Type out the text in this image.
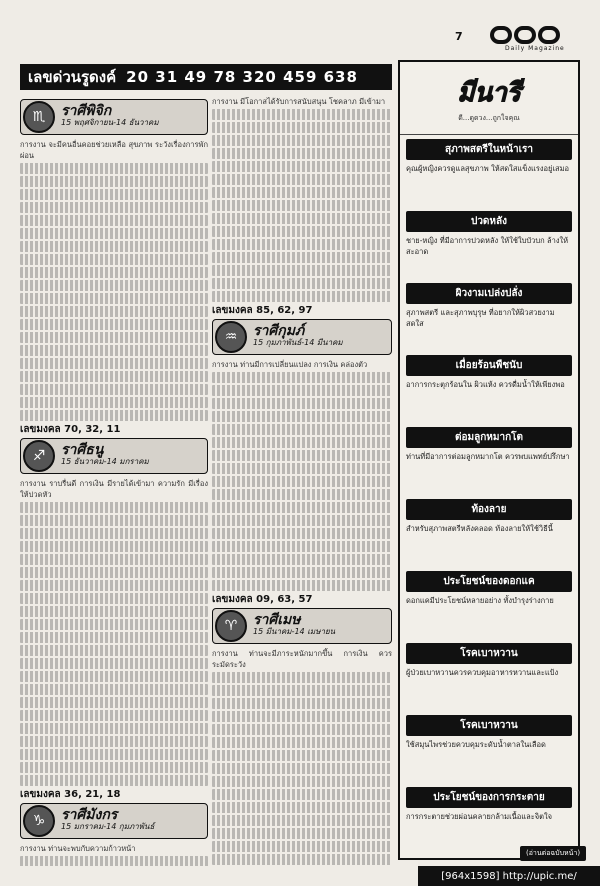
7
Daily Magazine
เลขด่วนรูดงค์ 20 31 49 78 320 459 638
♏	ราศีพิจิก
15 พฤศจิกายน-14 ธันวาคม
การงาน จะมีคนอื่นคอยช่วยเหลือ สุขภาพ ระวังเรื่องการพักผ่อน
เลขมงคล 70, 32, 11
♐	ราศีธนู
15 ธันวาคม-14 มกราคม
การงาน ราบรื่นดี การเงิน มีรายได้เข้ามา ความรัก มีเรื่องให้ปวดหัว
เลขมงคล 36, 21, 18
♑	ราศีมังกร
15 มกราคม-14 กุมภาพันธ์
การงาน ท่านจะพบกับความก้าวหน้า
การงาน มีโอกาสได้รับการสนับสนุน โชคลาภ มีเข้ามา
เลขมงคล 85, 62, 97
♒	ราศีกุมภ์
15 กุมภาพันธ์-14 มีนาคม
การงาน ท่านมีการเปลี่ยนแปลง การเงิน คล่องตัว
เลขมงคล 09, 63, 57
♈	ราศีเมษ
15 มีนาคม-14 เมษายน
การงาน ท่านจะมีภาระหนักมากขึ้น การเงิน ควรระมัดระวัง
มีนารี
ดี...ดูดวง...ถูกใจคุณ
สุภาพสตรีในหน้าเรา
คุณผู้หญิงควรดูแลสุขภาพ ให้สดใสแข็งแรงอยู่เสมอ
ปวดหลัง
ชาย-หญิง ที่มีอาการปวดหลัง ให้ใช้ใบบัวบก ล้างให้สะอาด
ผิวงามเปล่งปลั่ง
สุภาพสตรี และสุภาพบุรุษ ที่อยากให้ผิวสวยงามสดใส
เมื่อยร้อนพืชนับ
อาการกระตุกร้อนใน ผิวแห้ง ควรดื่มน้ำให้เพียงพอ
ต่อมลูกหมากโต
ท่านที่มีอาการต่อมลูกหมากโต ควรพบแพทย์ปรึกษา
ท้องลาย
สำหรับสุภาพสตรีหลังคลอด ท้องลายให้ใช้วิธีนี้
ประโยชน์ของดอกแค
ดอกแคมีประโยชน์หลายอย่าง ทั้งบำรุงร่างกาย
โรคเบาหวาน
ผู้ป่วยเบาหวานควรควบคุมอาหารหวานและแป้ง
โรคเบาหวาน
ใช้สมุนไพรช่วยควบคุมระดับน้ำตาลในเลือด
ประโยชน์ของการกระตาย
การกระตายช่วยผ่อนคลายกล้ามเนื้อและจิตใจ
(อ่านต่อฉบับหน้า)
[964x1598] http://upic.me/
